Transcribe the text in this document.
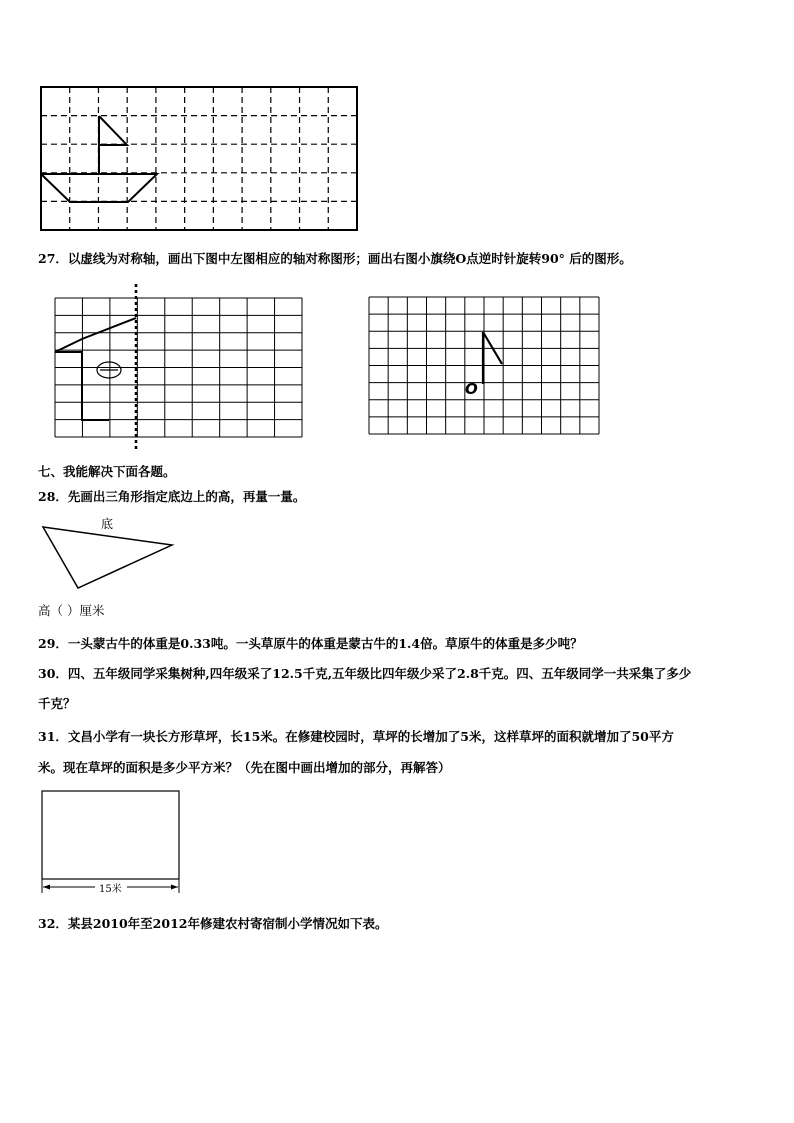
27．以虚线为对称轴，画出下图中左图相应的轴对称图形；画出右图小旗绕O点逆时针旋转90° 后的图形。
O
七、我能解决下面各题。
28．先画出三角形指定底边上的高，再量一量。
底
高（ ）厘米
29．一头蒙古牛的体重是0.33吨。一头草原牛的体重是蒙古牛的1.4倍。草原牛的体重是多少吨？
30．四、五年级同学采集树种,四年级采了12.5千克,五年级比四年级少采了2.8千克。四、五年级同学一共采集了多少
千克？
31．文昌小学有一块长方形草坪，长15米。在修建校园时，草坪的长增加了5米，这样草坪的面积就增加了50平方
米。现在草坪的面积是多少平方米？（先在图中画出增加的部分，再解答）
15米
32．某县2010年至2012年修建农村寄宿制小学情况如下表。
